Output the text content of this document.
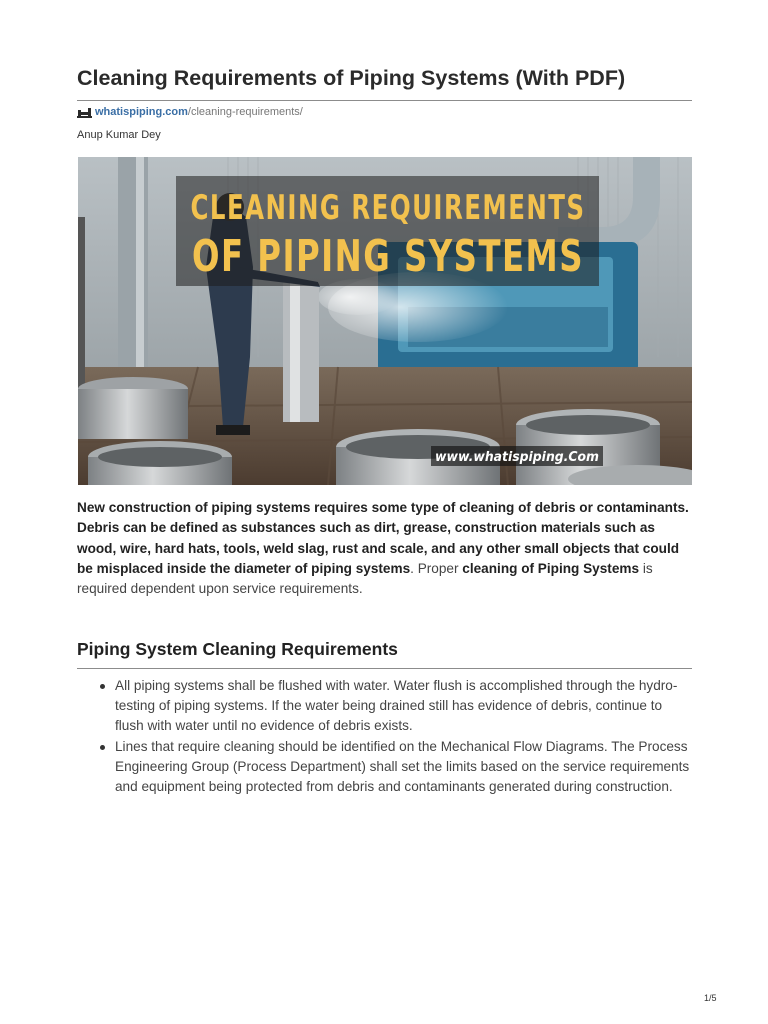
Cleaning Requirements of Piping Systems (With PDF)
whatispiping.com /cleaning-requirements/
Anup Kumar Dey
CLEANING REQUIREMENTS
OF PIPING SYSTEMS
www.whatispiping.Com

New construction of piping systems requires some type of cleaning of debris or contaminants. Debris can be defined as substances such as dirt, grease, construction materials such as wood, wire, hard hats, tools, weld slag, rust and scale, and any other small objects that could be misplaced inside the diameter of piping systems. Proper cleaning of Piping Systems is required dependent upon service requirements.

Piping System Cleaning Requirements
All piping systems shall be flushed with water. Water flush is accomplished through the hydro-testing of piping systems. If the water being drained still has evidence of debris, continue to flush with water until no evidence of debris exists.
Lines that require cleaning should be identified on the Mechanical Flow Diagrams. The Process Engineering Group (Process Department) shall set the limits based on the service requirements and equipment being protected from debris and contaminants generated during construction.
1/5
